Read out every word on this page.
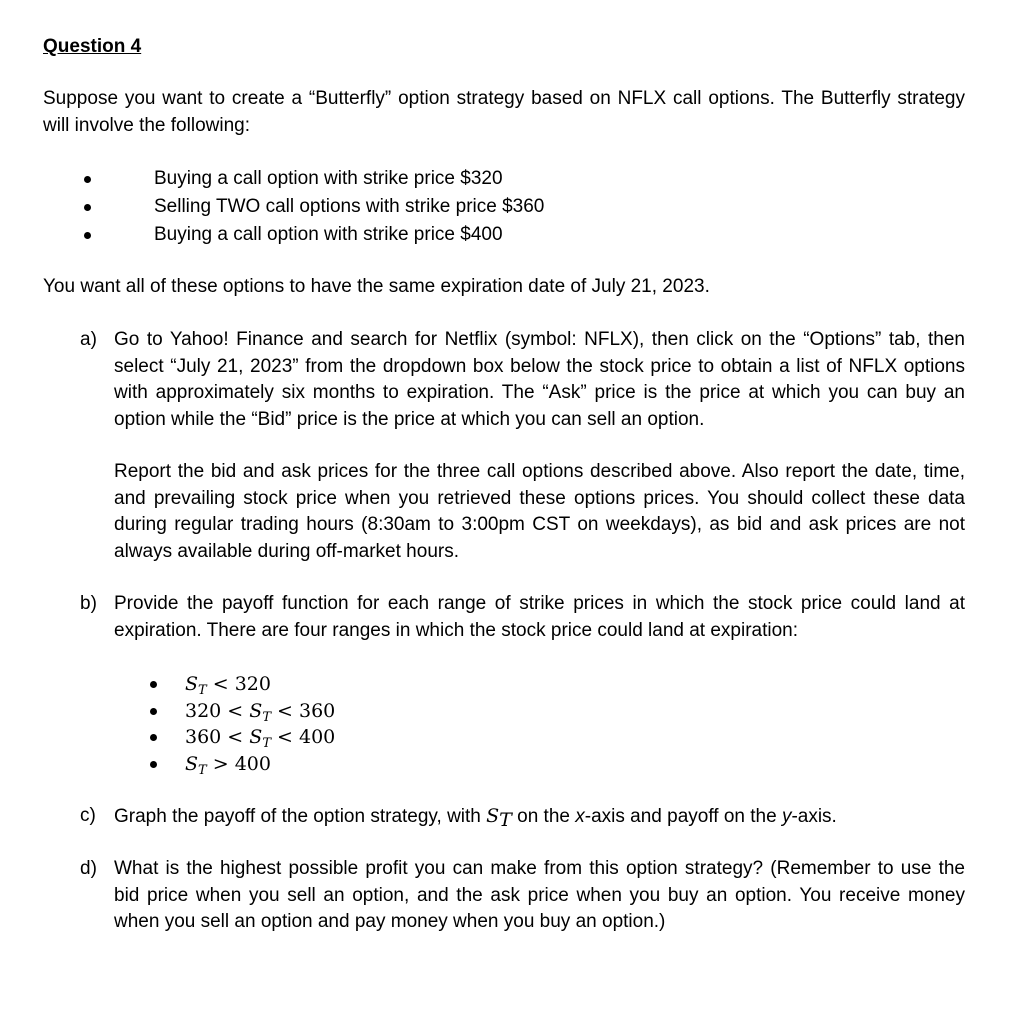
Question 4
Suppose you want to create a “Butterfly” option strategy based on NFLX call options. The Butterfly strategy will involve the following:
Buying a call option with strike price $320
Selling TWO call options with strike price $360
Buying a call option with strike price $400
You want all of these options to have the same expiration date of July 21, 2023.
a) Go to Yahoo! Finance and search for Netflix (symbol: NFLX), then click on the “Options” tab, then select “July 21, 2023” from the dropdown box below the stock price to obtain a list of NFLX options with approximately six months to expiration. The “Ask” price is the price at which you can buy an option while the “Bid” price is the price at which you can sell an option.
Report the bid and ask prices for the three call options described above. Also report the date, time, and prevailing stock price when you retrieved these options prices. You should collect these data during regular trading hours (8:30am to 3:00pm CST on weekdays), as bid and ask prices are not always available during off-market hours.
b) Provide the payoff function for each range of strike prices in which the stock price could land at expiration. There are four ranges in which the stock price could land at expiration:
$S_T < 320$
$320 < S_T < 360$
$360 < S_T < 400$
$S_T > 400$
c) Graph the payoff of the option strategy, with $S_T$ on the x-axis and payoff on the y-axis.
d) What is the highest possible profit you can make from this option strategy? (Remember to use the bid price when you sell an option, and the ask price when you buy an option. You receive money when you sell an option and pay money when you buy an option.)
